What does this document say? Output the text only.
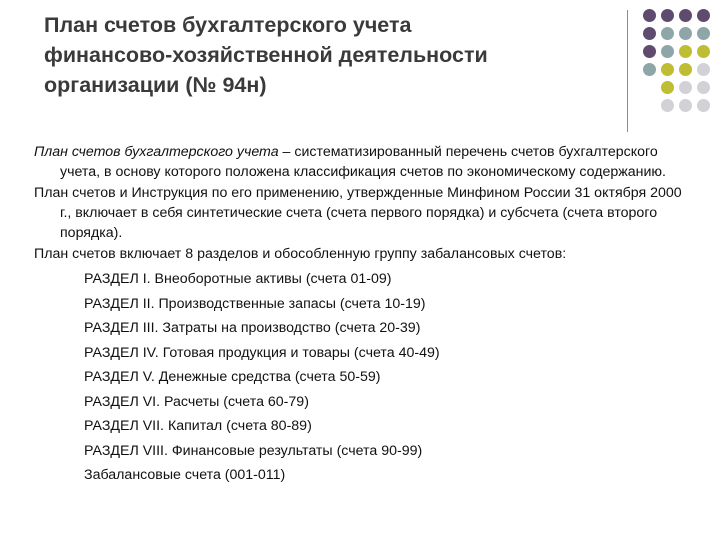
План счетов бухгалтерского учета
финансово-хозяйственной деятельности
организации (№ 94н)

План счетов бухгалтерского учета – систематизированный перечень счетов бухгалтерского учета, в основу которого положена классификация счетов по экономическому содержанию.

План счетов и Инструкция по его применению, утвержденные Минфином России 31 октября 2000 г., включает в себя синтетические счета (счета первого порядка) и субсчета (счета второго порядка).

План счетов включает 8 разделов и обособленную группу забалансовых счетов:

РАЗДЕЛ I. Внеоборотные активы (счета 01-09)
РАЗДЕЛ II. Производственные запасы (счета 10-19)
РАЗДЕЛ III. Затраты на производство (счета 20-39)
РАЗДЕЛ IV. Готовая продукция и товары (счета 40-49)
РАЗДЕЛ V. Денежные средства (счета 50-59)
РАЗДЕЛ VI. Расчеты (счета 60-79)
РАЗДЕЛ VII. Капитал (счета 80-89)
РАЗДЕЛ VIII. Финансовые результаты (счета 90-99)
Забалансовые счета (001-011)
